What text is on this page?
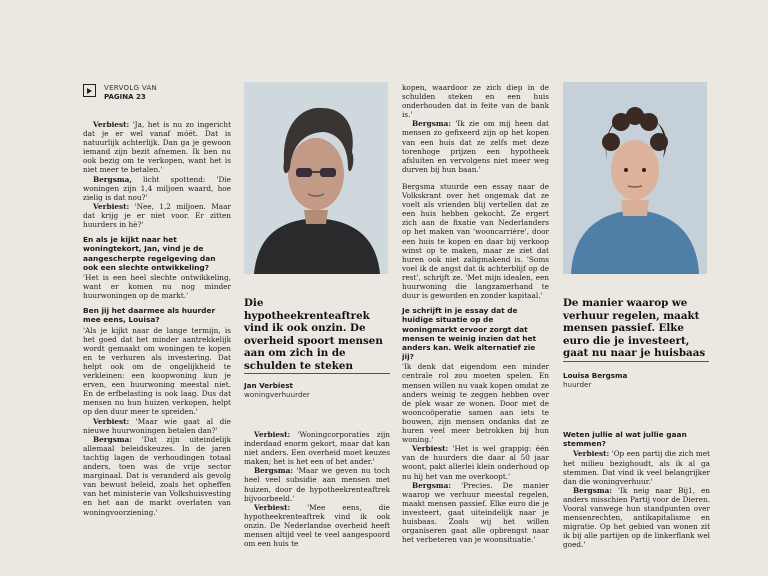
VERVOLG VAN
PAGINA 23

Verbiest: 'Ja, het is nu zo ingericht dat je er wel vanaf móét. Dat is natuurlijk achterlijk. Dan ga je gewoon iemand zijn bezit afnemen. Ik ben nu ook bezig om te verkopen, want het is niet meer te betalen.'

Bergsma, licht spottend: 'Die woningen zijn 1,4 miljoen waard, hoe zielig is dat nou?'

Verbiest: 'Nee, 1,2 miljoen. Maar dat krijg je er niet voor. Er zitten huurders in hè?'

En als je kijkt naar het woningtekort, Jan, vind je de aangescherpte regelgeving dan ook een slechte ontwikkeling?

'Het is een heel slechte ontwikkeling, want er komen nu nog minder huurwoningen op de markt.'

Ben jij het daarmee als huurder mee eens, Louisa?

'Als je kijkt naar de lange termijn, is het goed dat het minder aantrekkelijk wordt gemaakt om woningen te kopen en te verhuren als investering. Dat helpt ook om de ongelijkheid te verkleinen: een koopwoning kun je erven, een huurwoning meestal niet. En de erfbelasting is ook laag. Dus dat mensen nu hun huizen verkopen, helpt op den duur meer te spreiden.'

Verbiest: 'Maar wie gaat al die nieuwe huurwoningen betalen dan?'

Bergsma: 'Dat zijn uiteindelijk allemaal beleidskeuzes. In de jaren tachtig lagen de verhoudingen totaal anders, toen was de vrije sector marginaal. Dat is veranderd als gevolg van bewust beleid, zoals het opheffen van het ministerie van Volkshuisvesting en het aan de markt overlaten van woningvoorziening.'

Die hypotheekrenteaftrek vind ik ook onzin. De overheid spoort mensen aan om zich in de schulden te steken

Jan Verbiest

woningverhuurder

Verbiest: 'Woningcorporaties zijn inderdaad enorm gekort, maar dat kan niet anders. Een overheid moet keuzes maken; het is het een of het ander.'

Bergsma: 'Maar we geven nu toch heel veel subsidie aan mensen met huizen, door de hypotheekrenteaftrek bijvoorbeeld.'

Verbiest: 'Mee eens, die hypotheekrenteaftrek vind ik ook onzin. De Nederlandse overheid heeft mensen altijd veel te veel aangespoord om een huis te

kopen, waardoor ze zich diep in de schulden steken en een huis onderhouden dat in feite van de bank is.'

Bergsma: 'Ik zie om mij heen dat mensen zo gefixeerd zijn op het kopen van een huis dat ze zelfs met deze torenhoge prijzen een hypotheek afsluiten en vervolgens niet meer weg durven bij hun baan.'

Bergsma stuurde een essay naar de Volkskrant over het ongemak dat ze voelt als vrienden blij vertellen dat ze een huis hebben gekocht. Ze ergert zich aan de fixatie van Nederlanders op het maken van 'wooncarrière', door een huis te kopen en daar bij verkoop winst op te maken, maar ze ziet dat huren ook niet zaligmakend is. 'Soms voel ik de angst dat ik achterblijf op de rest', schrijft ze. 'Met mijn idealen, een huurwoning die langzamerhand te duur is geworden en zonder kapitaal.'

Je schrijft in je essay dat de huidige situatie op de woningmarkt ervoor zorgt dat mensen te weinig inzien dat het anders kan. Welk alternatief zie jij?

'Ik denk dat eigendom een minder centrale rol zou moeten spelen. En mensen willen nu vaak kopen omdat ze anders weinig te zeggen hebben over de plek waar ze wonen. Door met de wooncoöperatie samen aan iets te bouwen, zijn mensen ondanks dat ze huren veel meer betrokken bij hun woning.'

Verbiest: 'Het is wel grappig: één van de huurders die daar al 50 jaar woont, pakt allerlei klein onderhoud op nu hij het van me overkoopt.'

Bergsma: 'Precies. De manier waarop we verhuur meestal regelen, maakt mensen passief. Elke euro die je investeert, gaat uiteindelijk naar je huisbaas. Zoals wij het willen organiseren gaat alle opbrengst naar het verbeteren van je woonsituatie.'

De manier waarop we verhuur regelen, maakt mensen passief. Elke euro die je investeert, gaat nu naar je huisbaas

Louisa Bergsma

huurder

Weten jullie al wat jullie gaan stemmen?

Verbiest: 'Op een partij die zich met het milieu bezighoudt, als ik al ga stemmen. Dat vind ik veel belangrijker dan die woningverhuur.'

Bergsma: 'Ik neig naar Bij1, en anders misschien Partij voor de Dieren. Vooral vanwege hun standpunten over mensenrechten, antikapitalisme en migratie. Op het gebied van wonen zit ik bij alle partijen op de linkerflank wel goed.'
